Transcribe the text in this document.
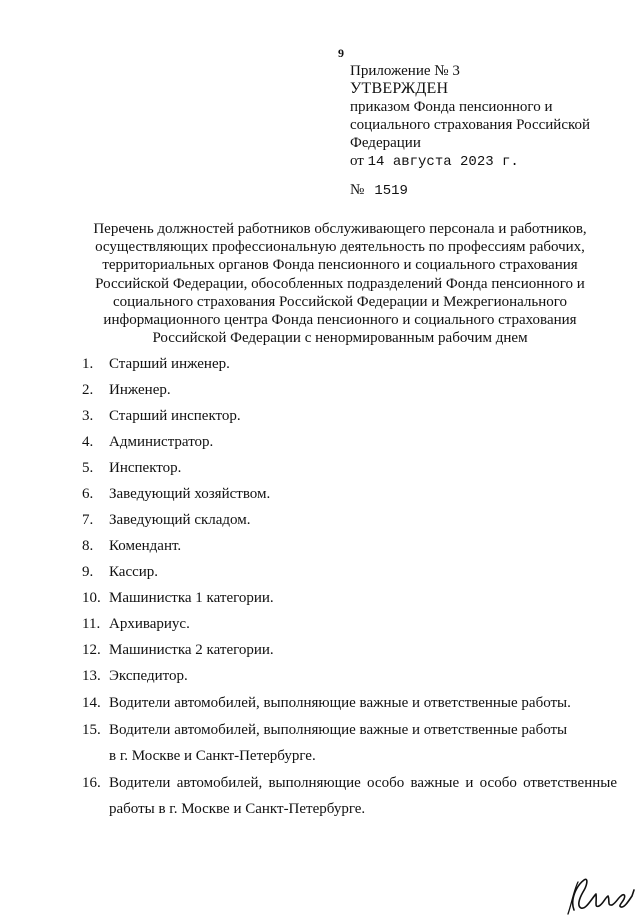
9
Приложение № 3
УТВЕРЖДЕН
приказом Фонда пенсионного и
социального страхования Российской
Федерации
от 14 августа 2023 г.
№ 1519
Перечень должностей работников обслуживающего персонала и работников,
осуществляющих профессиональную деятельность по профессиям рабочих,
территориальных органов Фонда пенсионного и социального страхования
Российской Федерации, обособленных подразделений Фонда пенсионного и
социального страхования Российской Федерации и Межрегионального
информационного центра Фонда пенсионного и социального страхования
Российской Федерации с ненормированным рабочим днем
1.	Старший инженер.
2.	Инженер.
3.	Старший инспектор.
4.	Администратор.
5.	Инспектор.
6.	Заведующий хозяйством.
7.	Заведующий складом.
8.	Комендант.
9.	Кассир.
10. Машинистка 1 категории.
11. Архивариус.
12. Машинистка 2 категории.
13. Экспедитор.
14. Водители автомобилей, выполняющие важные и ответственные работы.
15. Водители автомобилей, выполняющие важные и ответственные работы
в г. Москве и Санкт-Петербурге.
16. Водители автомобилей, выполняющие особо важные и особо ответственные
работы в г. Москве и Санкт-Петербурге.
